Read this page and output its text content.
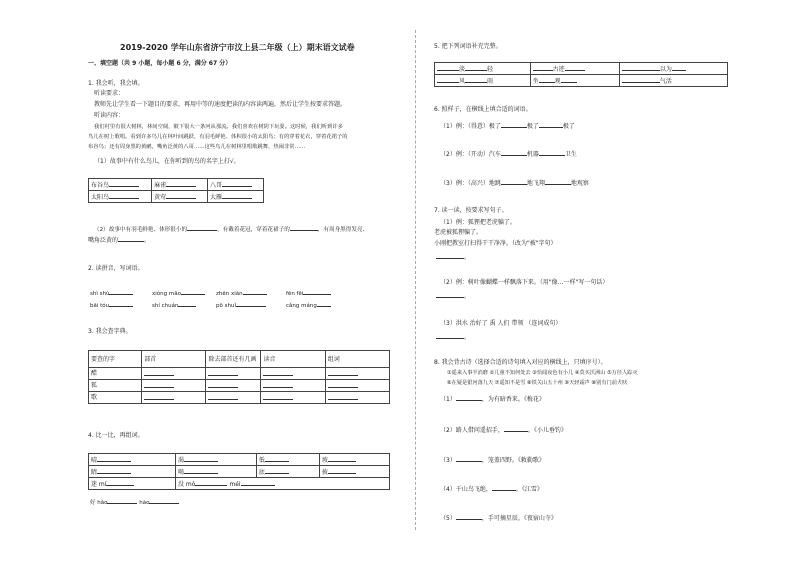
2019-2020 学年山东省济宁市汶上县二年级（上）期末语文试卷
一、填空题（共 9 小题，每小题 6 分，满分 67 分）
1. 我会听，我会填。
听读要求：
教师先让学生看一下题目的要求，再用中等的速度把读的内容读两遍，然后让学生按要求答题。
听读内容：
我们村里有很大树林，林间空阔，陂下很大一条河从那流。我们喜欢在树阴下玩耍。这时候，我们听到许多
鸟儿在树上歌唱。看到许多鸟儿在林叶间跳跃，有羽毛鲜艳、体积很小的太阳鸟；有的穿着花衣，穿着花裙子的
布谷鸟；还有周身黑的黄鹂，嘴角泛黄的八哥……这些鸟儿在树林里唱歌跳舞，热闹非常……
（1）故事中有什么鸟儿，在你听到的鸟的名字上打√。
布谷鸟	麻雀	八哥
太阳鸟	黄莺	大雁
（2）故事中有羽毛鲜艳、体形很小的	，有戴着花冠，穿着花裙子的	，有周身黑得发亮、
嘴角泛黄的	。
2. 读拼音，写词语。
shì shù	xióng māo	zhēn xiàn	fēn fēi
bāi tóu	shí chuán	pō shuǐ	cǎng máng
3. 我会查字典。
要查的字	部首	除去部首还有几画	读音	组词
醋				
狐				
歌				
4. 比一比，再组词。
晴	渴	低	坡
睛	喝	底	披
迷 mí	没 mò méi		
好 hǎo	hào
5. 把下列词语补充完整。
淡 轻	古迹	以为
风 雨	坐 观	气活
6. 照样子，在横线上填合适的词语。
（1）例：（得意）极了	极了	极了
（2）例：（开动）汽车	机器	卫生
（3）例：（高兴）地跳	地飞翔	地观察
7. 读一读，按要求写句子。
（1）例：狐狸把老虎骗了。
老虎被狐狸骗了。
小刚把教室打扫得干干净净。（改为"被"字句）
。
（2）例：树叶像蝴蝶一样飘落下来。（用"像…一样"写一句话）
。
（3）洪水 治好了 禹 人们 带领 （连词成句）
。
8. 我会背古诗（选择合适的诗句填入对应的横线上，只填序号）。
①遥来入事半消磨 ②儿童不知何处去 ③恰闻夜色有小儿 ④莫买沃洲山 ⑤万径人踪灭
⑥在疑是银河落九天 ⑦遥知不是雪 ⑧铁关山五十州 ⑨天轻霜声 ⑩别有门前犬吠
（1）	，为有暗香来。《梅花》
（2）路人借问遥招手，	。《小儿垂钓》
（3）	，笼盖四野。《敕勒歌》
（4）千山鸟飞绝，	。《江雪》
（5）	，手可摘星辰。《夜宿山寺》
